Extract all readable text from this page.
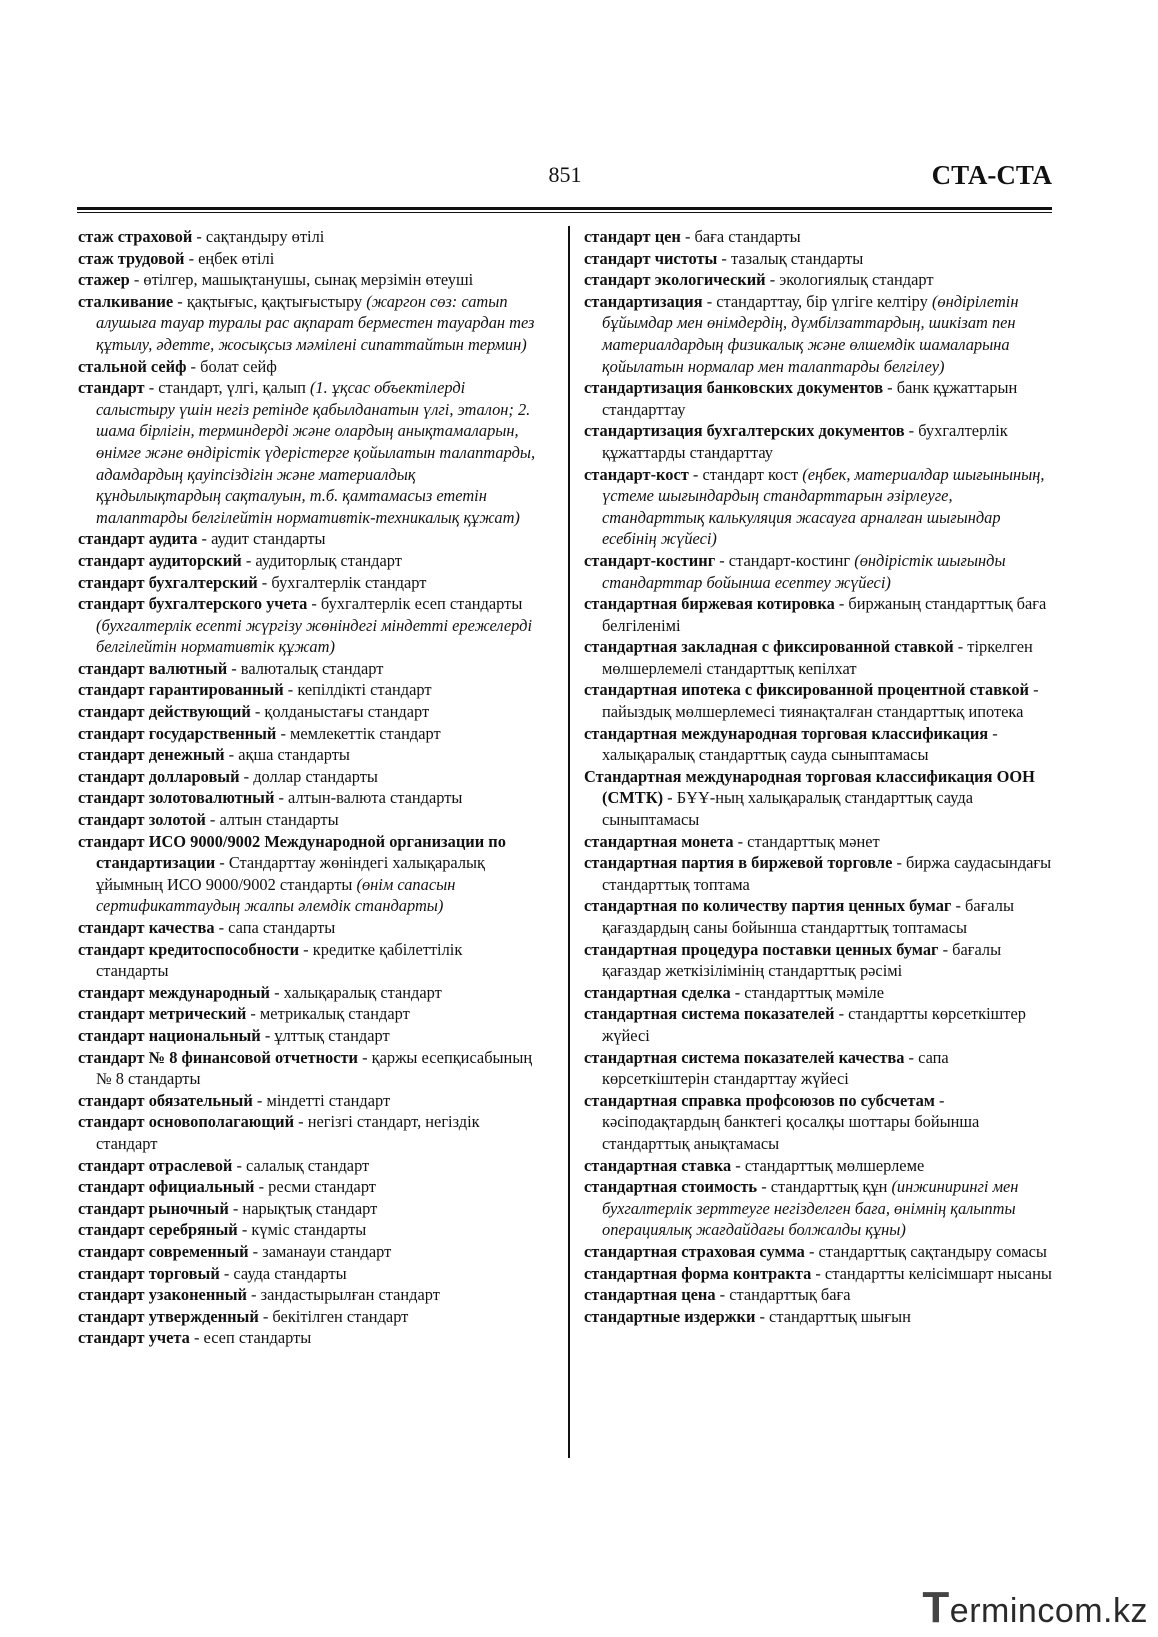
851	СТА-СТА

стаж страховой - сақтандыру өтілі

стаж трудовой - еңбек өтілі

стажер - өтілгер, машықтанушы, сынақ мерзімін өтеуші

сталкивание - қақтығыс, қақтығыстыру (жаргон сөз: сатып алушыға тауар туралы рас ақпарат берместен тауардан тез құтылу, әдетте, жосықсыз мәмілені сипаттайтын термин)

стальной сейф - болат сейф

стандарт - стандарт, үлгі, қалып (1. ұқсас объектілерді салыстыру үшін негіз ретінде қабылданатын үлгі, эталон; 2. шама бірлігін, терминдерді және олардың анықтамаларын, өнімге және өндірістік үдерістерге қойылатын талаптарды, адамдардың қауіпсіздігін және материалдық құндылықтардың сақталуын, т.б. қамтамасыз ететін талаптарды белгілейтін нормативтік-техникалық құжат)

стандарт аудита - аудит стандарты

стандарт аудиторский - аудиторлық стандарт

стандарт бухгалтерский - бухгалтерлік стандарт

стандарт бухгалтерского учета - бухгалтерлік есеп стандарты (бухгалтерлік есепті жүргізу жөніндегі міндетті ережелерді белгілейтін нормативтік құжат)

стандарт валютный - валюталық стандарт

стандарт гарантированный - кепілдікті стандарт

стандарт действующий - қолданыстағы стандарт

стандарт государственный - мемлекеттік стандарт

стандарт денежный - ақша стандарты

стандарт долларовый - доллар стандарты

стандарт золотовалютный - алтын-валюта стандарты

стандарт золотой - алтын стандарты

стандарт ИСО 9000/9002 Международной организации по стандартизации - Стандарттау жөніндегі халықаралық ұйымның ИСО 9000/9002 стандарты (өнім сапасын сертификаттаудың жалпы әлемдік стандарты)

стандарт качества - сапа стандарты

стандарт кредитоспособности - кредитке қабілеттілік стандарты

стандарт международный - халықаралық стандарт

стандарт метрический - метрикалық стандарт

стандарт национальный - ұлттық стандарт

стандарт № 8 финансовой отчетности - қаржы есепқисабының № 8 стандарты

стандарт обязательный - міндетті стандарт

стандарт основополагающий - негізгі стандарт, негіздік стандарт

стандарт отраслевой - салалық стандарт

стандарт официальный - ресми стандарт

стандарт рыночный - нарықтық стандарт

стандарт серебряный - күміс стандарты

стандарт современный - заманауи стандарт

стандарт торговый - сауда стандарты

стандарт узаконенный - зандастырылған стандарт

стандарт утвержденный - бекітілген стандарт

стандарт учета - есеп стандарты

стандарт цен - баға стандарты

стандарт чистоты - тазалық стандарты

стандарт экологический - экологиялық стандарт

стандартизация - стандарттау, бір үлгіге келтіру (өндірілетін бұйымдар мен өнімдердің, дүмбілзаттардың, шикізат пен материалдардың физикалық және өлшемдік шамаларына қойылатын нормалар мен талаптарды белгілеу)

стандартизация банковских документов - банк құжаттарын стандарттау

стандартизация бухгалтерских документов - бухгалтерлік құжаттарды стандарттау

стандарт-кост - стандарт кост (еңбек, материалдар шығынының, үстеме шығындардың стандарттарын әзірлеуге, стандарттық калькуляция жасауға арналған шығындар есебінің жүйесі)

стандарт-костинг - стандарт-костинг (өндірістік шығынды стандарттар бойынша есептеу жүйесі)

стандартная биржевая котировка - биржаның стандарттық баға белгіленімі

стандартная закладная с фиксированной ставкой - тіркелген мөлшерлемелі стандарттық кепілхат

стандартная ипотека с фиксированной процентной ставкой - пайыздық мөлшерлемесі тиянақталған стандарттық ипотека

стандартная международная торговая классификация - халықаралық стандарттық сауда сыныптамасы

Стандартная международная торговая классификация ООН (СМТК) - БҰҰ-ның халықаралық стандарттық сауда сыныптамасы

стандартная монета - стандарттық мәнет

стандартная партия в биржевой торговле - биржа саудасындағы стандарттық топтама

стандартная по количеству партия ценных бумаг - бағалы қағаздардың саны бойынша стандарттық топтамасы

стандартная процедура поставки ценных бумаг - бағалы қағаздар жеткізілімінің стандарттық рәсімі

стандартная сделка - стандарттық мәміле

стандартная система показателей - стандартты көрсеткіштер жүйесі

стандартная система показателей качества - сапа көрсеткіштерін стандарттау жүйесі

стандартная справка профсоюзов по субсчетам - кәсіподақтардың банктегі қосалқы шоттары бойынша стандарттық анықтамасы

стандартная ставка - стандарттық мөлшерлеме

стандартная стоимость - стандарттық құн (инжинирингі мен бухгалтерлік зерттеуге негізделген баға, өнімнің қалыпты операциялық жағдайдағы болжалды құны)

стандартная страховая сумма - стандарттық сақтандыру сомасы

стандартная форма контракта - стандартты келісімшарт нысаны

стандартная цена - стандарттық баға

стандартные издержки - стандарттық шығын

Termincom.kz
